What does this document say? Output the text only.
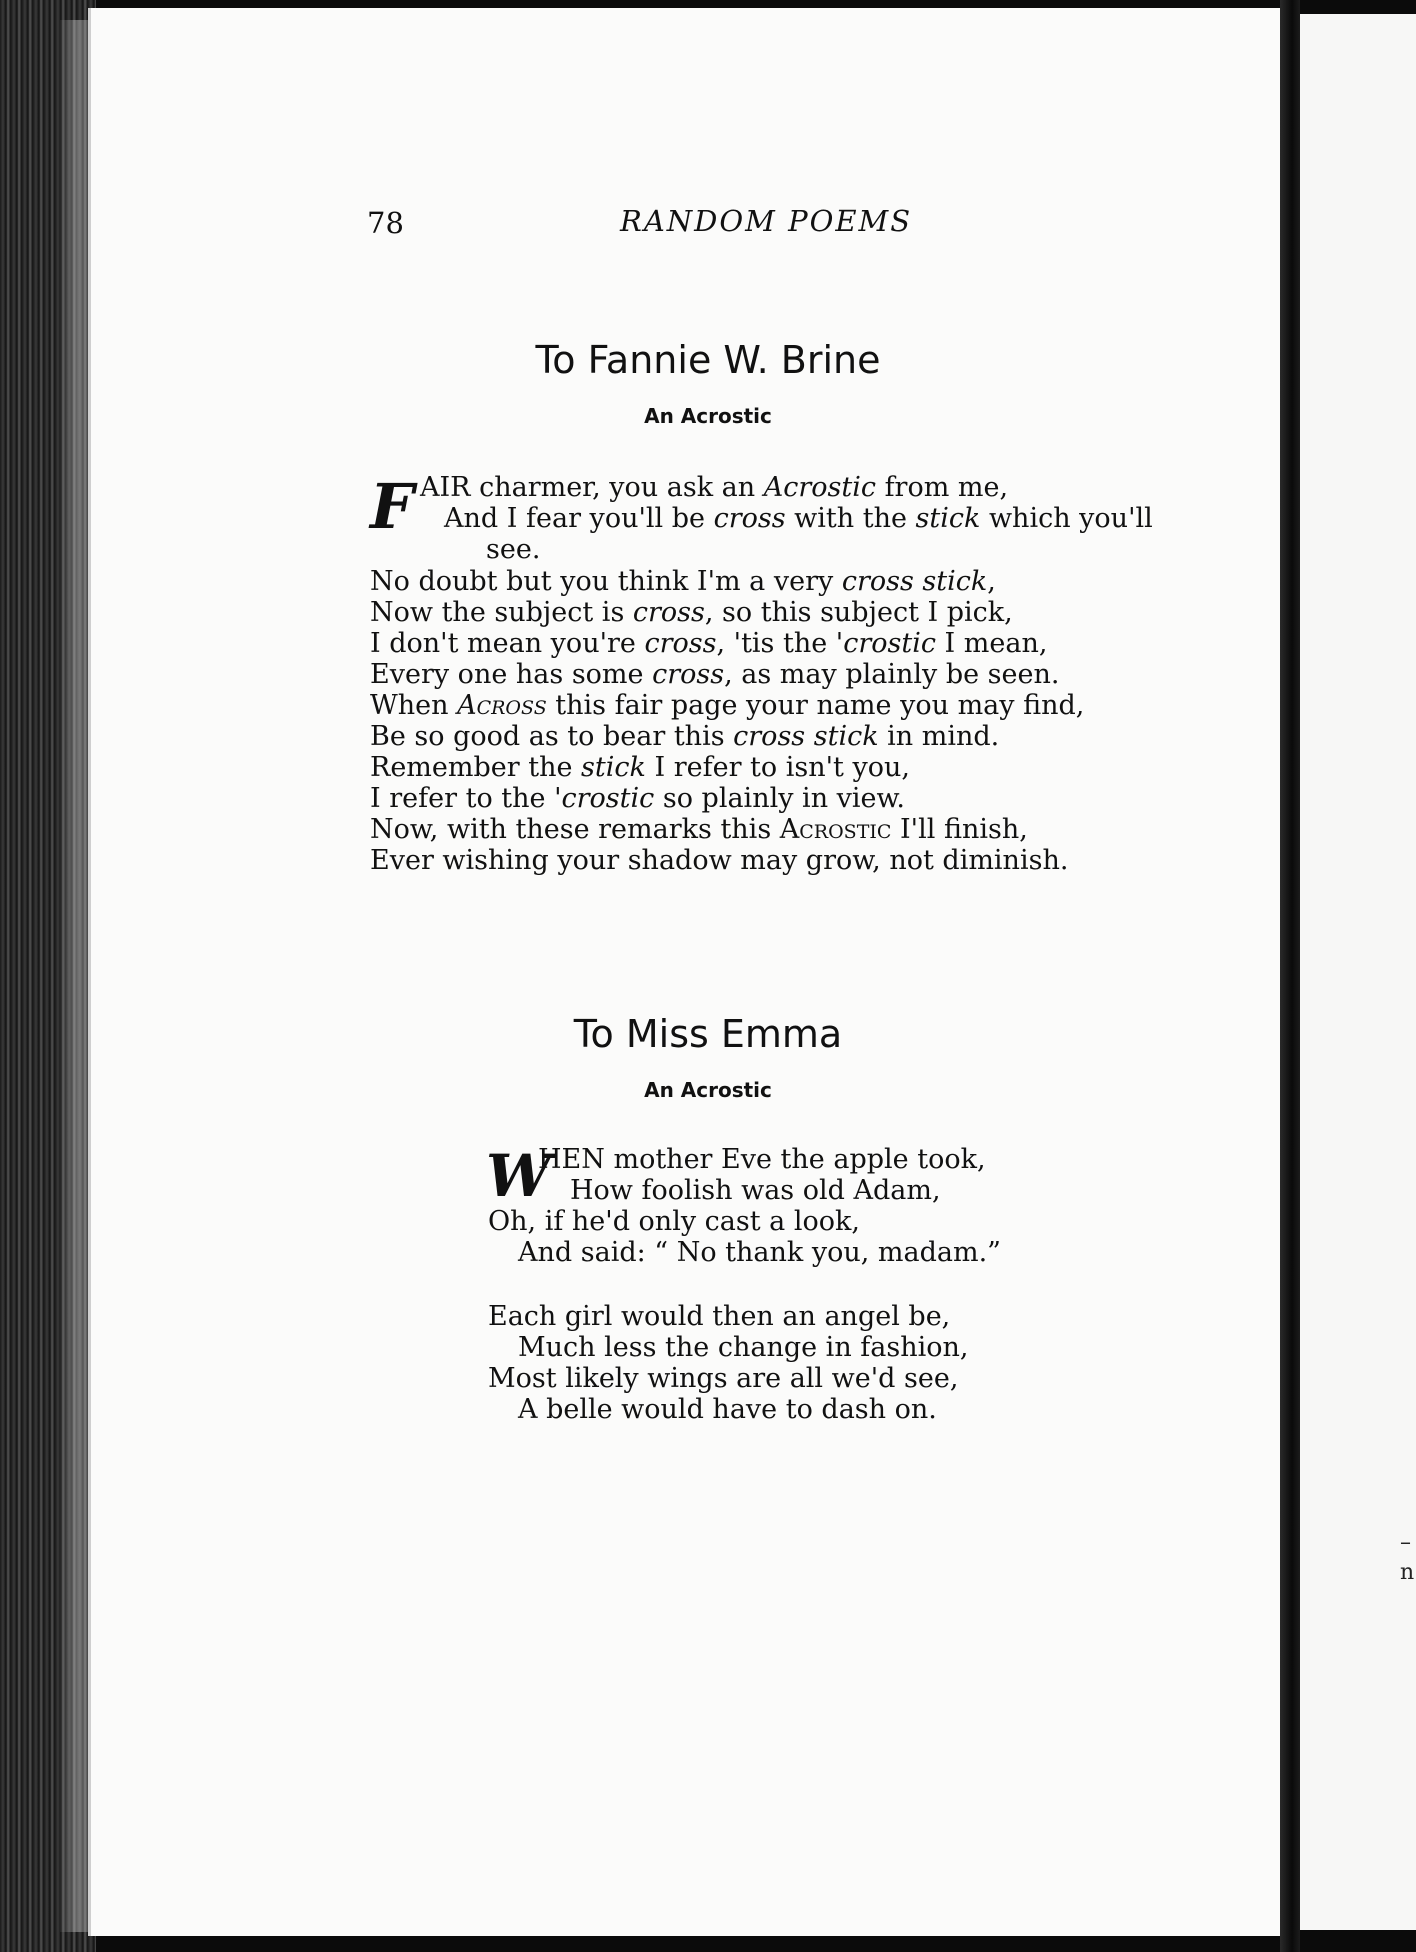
–
n
78	RANDOM POEMS
To Fannie W. Brine
An Acrostic
F AIR charmer, you ask an Acrostic from me,
And I fear you'll be cross with the stick which you'll
see.
No doubt but you think I'm a very cross stick,
Now the subject is cross, so this subject I pick,
I don't mean you're cross, 'tis the 'crostic I mean,
Every one has some cross, as may plainly be seen.
When Across this fair page your name you may find,
Be so good as to bear this cross stick in mind.
Remember the stick I refer to isn't you,
I refer to the 'crostic so plainly in view.
Now, with these remarks this Acrostic I'll finish,
Ever wishing your shadow may grow, not diminish.
To Miss Emma
An Acrostic
W
HEN mother Eve the apple took,
How foolish was old Adam,
Oh, if he'd only cast a look,
And said: “ No thank you, madam.”
Each girl would then an angel be,
Much less the change in fashion,
Most likely wings are all we'd see,
A belle would have to dash on.
